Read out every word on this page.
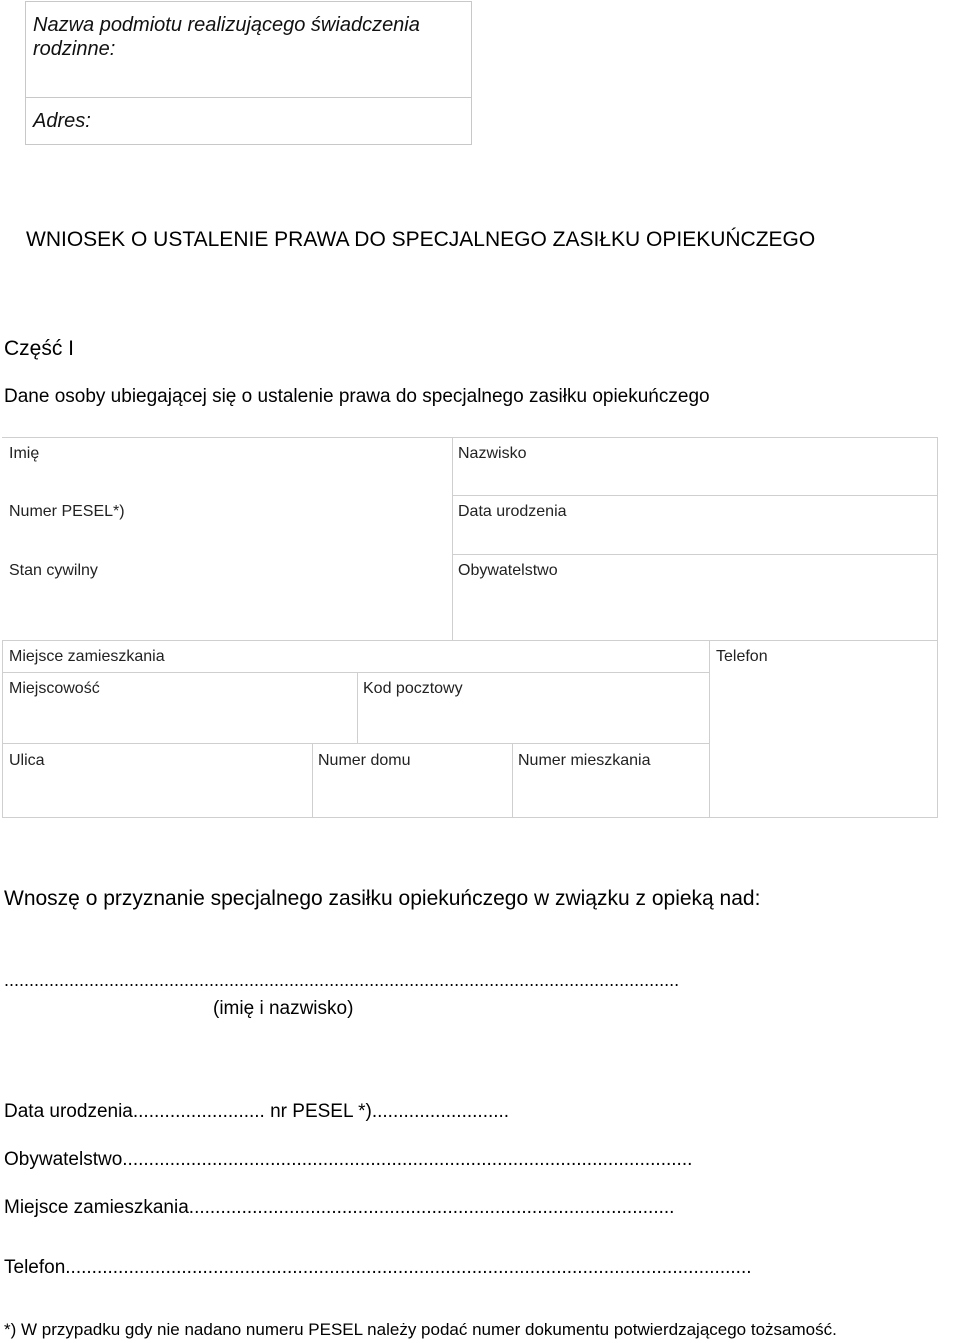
Nazwa podmiotu realizującego świadczenia rodzinne:
Adres:
WNIOSEK O USTALENIE PRAWA DO SPECJALNEGO ZASIŁKU OPIEKUŃCZEGO
Część I
Dane osoby ubiegającej się o ustalenie prawa do specjalnego zasiłku opiekuńczego
Imię	Nazwisko
Numer PESEL*)	Data urodzenia
Stan cywilny	Obywatelstwo
Miejsce zamieszkania	Telefon
Miejscowość	Kod pocztowy
Ulica	Numer domu	Numer mieszkania
Wnoszę o przyznanie specjalnego zasiłku opiekuńczego w związku z opieką nad:
.......................................................................................................................................
(imię i nazwisko)
Data urodzenia......................... nr PESEL *)..........................
Obywatelstwo............................................................................................................
Miejsce zamieszkania............................................................................................
Telefon..................................................................................................................................
*) W przypadku gdy nie nadano numeru PESEL należy podać numer dokumentu potwierdzającego tożsamość.
